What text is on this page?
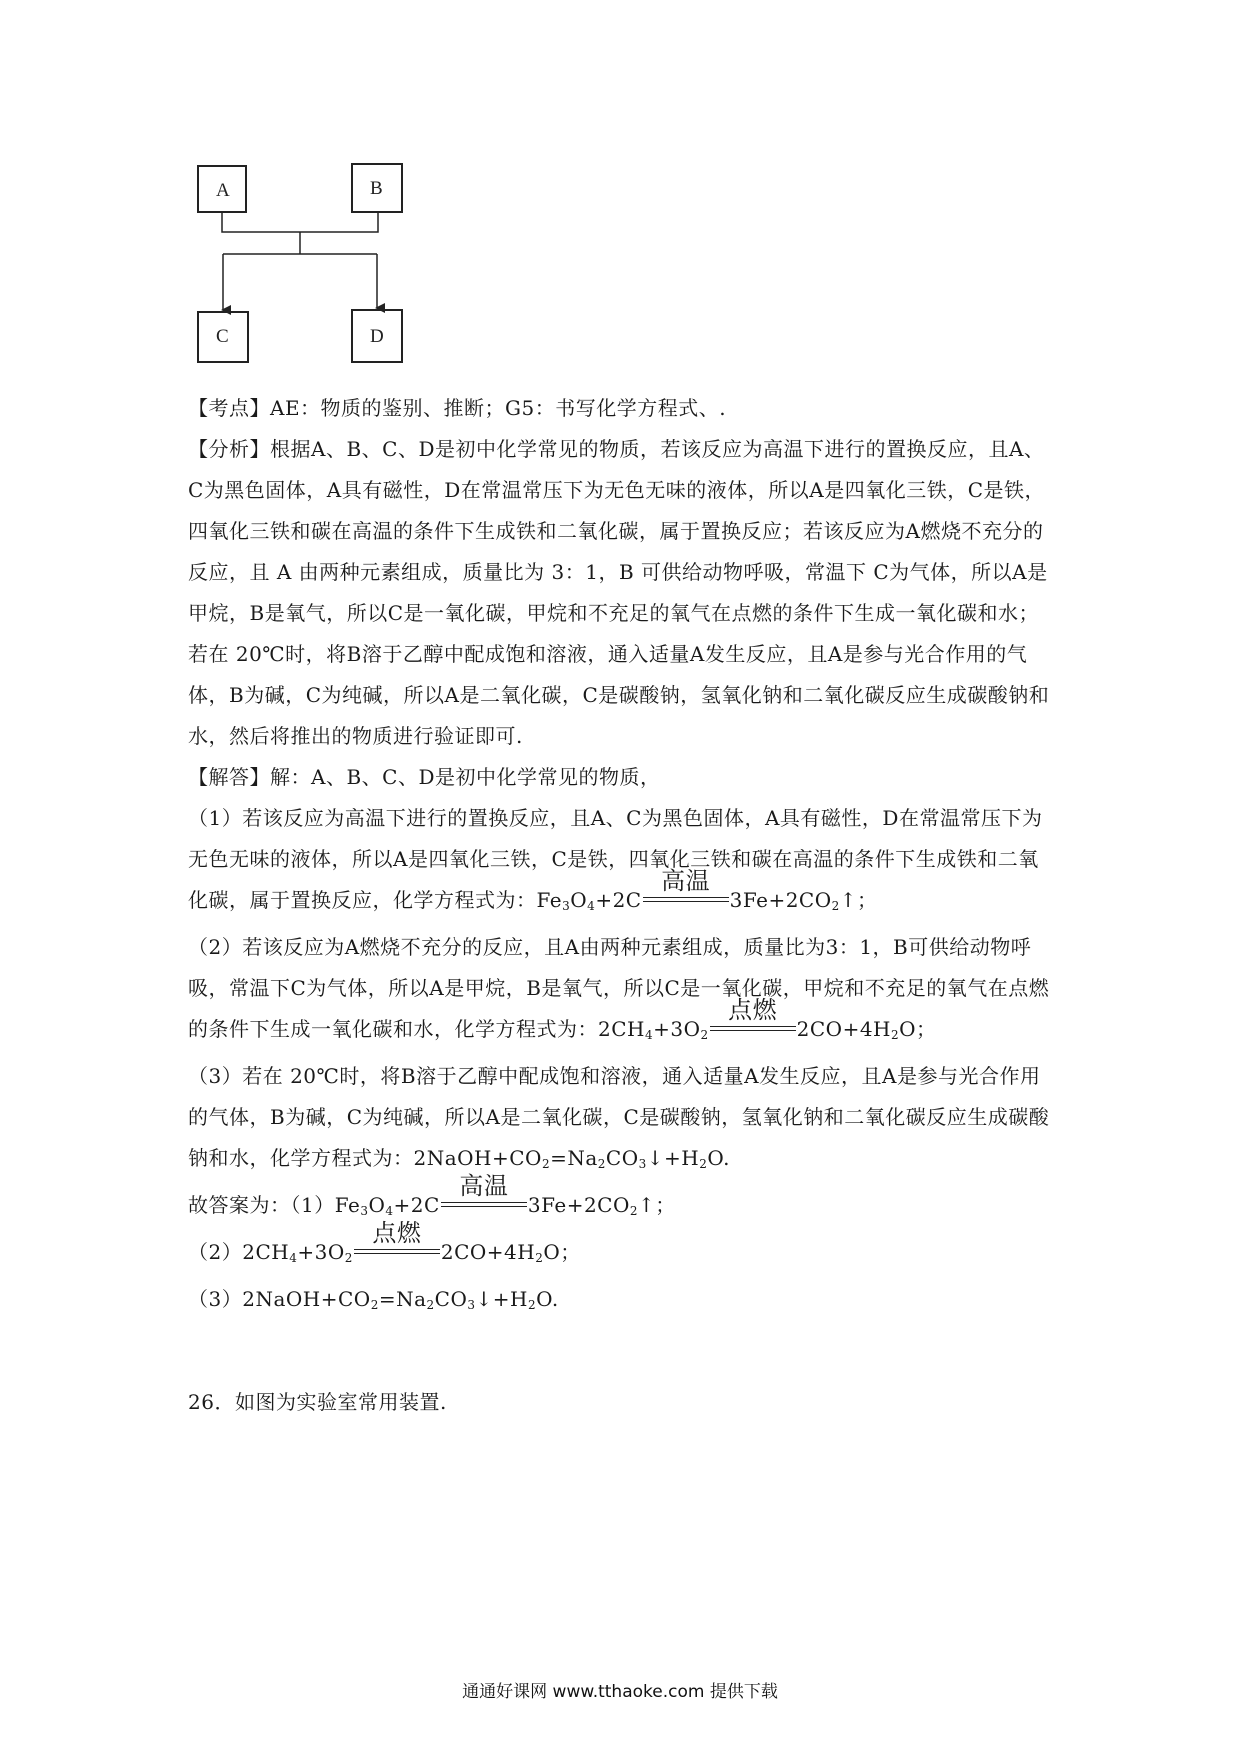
A	B
C	D

【考点】AE：物质的鉴别、推断；G5：书写化学方程式、.

【分析】根据A、B、C、D是初中化学常见的物质，若该反应为高温下进行的置换反应，且A、C为黑色固体，A具有磁性，D在常温常压下为无色无味的液体，所以A是四氧化三铁，C是铁，四氧化三铁和碳在高温的条件下生成铁和二氧化碳，属于置换反应；若该反应为A燃烧不充分的反应，且 A 由两种元素组成，质量比为 3：1，B 可供给动物呼吸，常温下 C为气体，所以A是甲烷，B是氧气，所以C是一氧化碳，甲烷和不充足的氧气在点燃的条件下生成一氧化碳和水；若在 20℃时，将B溶于乙醇中配成饱和溶液，通入适量A发生反应，且A是参与光合作用的气体，B为碱，C为纯碱，所以A是二氧化碳，C是碳酸钠，氢氧化钠和二氧化碳反应生成碳酸钠和水，然后将推出的物质进行验证即可.

【解答】解：A、B、C、D是初中化学常见的物质，

（1）若该反应为高温下进行的置换反应，且A、C为黑色固体，A具有磁性，D在常温常压下为无色无味的液体，所以A是四氧化三铁，C是铁，四氧化三铁和碳在高温的条件下生成铁和二氧化碳，属于置换反应，化学方程式为：$Fe_3O_4+2C$
高温
$3Fe+2CO_2↑$；

（2）若该反应为A燃烧不充分的反应，且A由两种元素组成，质量比为3：1，B可供给动物呼吸，常温下C为气体，所以A是甲烷，B是氧气，所以C是一氧化碳，甲烷和不充足的氧气在点燃的条件下生成一氧化碳和水，化学方程式为：$2CH_4+3O_2$
点燃
$2CO+4H_2O$；

（3）若在 20℃时，将B溶于乙醇中配成饱和溶液，通入适量A发生反应，且A是参与光合作用的气体，B为碱，C为纯碱，所以A是二氧化碳，C是碳酸钠，氢氧化钠和二氧化碳反应生成碳酸钠和水，化学方程式为：$2NaOH+CO_2=Na_2CO_3↓+H_2O$.

故答案为：$(1)Fe_3O_4+2C$
高温
$3Fe+2CO_2↑$；

$(2)2CH_4+3O_2$
点燃
$2CO+4H_2O$；

$(3)2NaOH+CO_2=Na_2CO_3↓+H_2O$.

26．如图为实验室常用装置.

通通好课网 www.tthaoke.com 提供下载
